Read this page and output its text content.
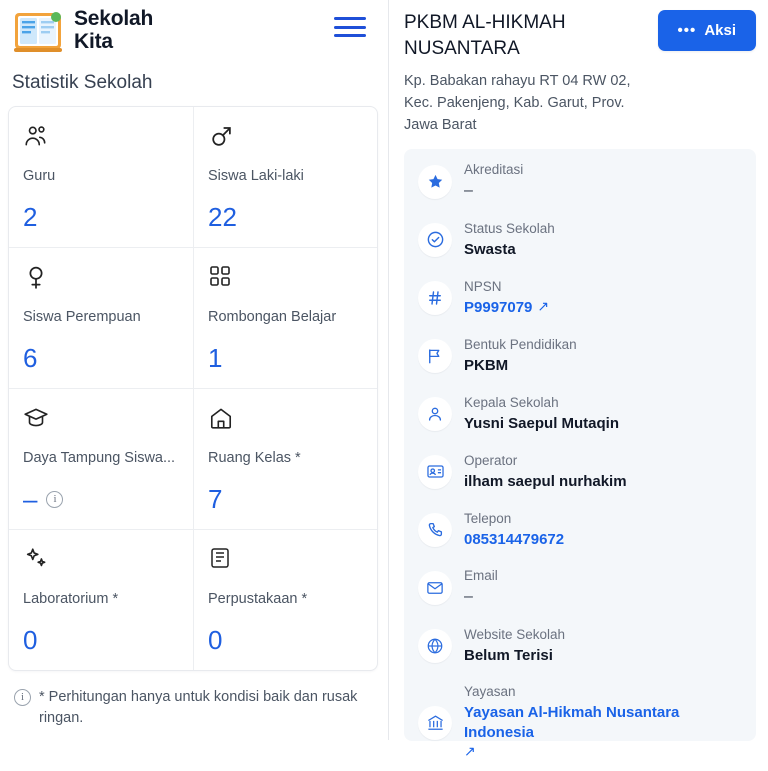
Sekolah
Kita
Statistik Sekolah
Guru
2
Siswa Laki-laki
22
Siswa Perempuan
6
Rombongan Belajar
1
Daya Tampung Siswa...
–	i
Ruang Kelas *
7
Laboratorium *
0
Perpustakaan *
0
i	* Perhitungan hanya untuk kondisi baik dan rusak ringan.
PKBM AL-HIKMAH NUSANTARA
••• Aksi
Kp. Babakan rahayu RT 04 RW 02, Kec. Pakenjeng, Kab. Garut, Prov. Jawa Barat
Akreditasi
–
Status Sekolah
Swasta
NPSN
P9997079 ↗
Bentuk Pendidikan
PKBM
Kepala Sekolah
Yusni Saepul Mutaqin
Operator
ilham saepul nurhakim
Telepon
085314479672
Email
–
Website Sekolah
Belum Terisi
Yayasan
Yayasan Al-Hikmah Nusantara Indonesia
↗
